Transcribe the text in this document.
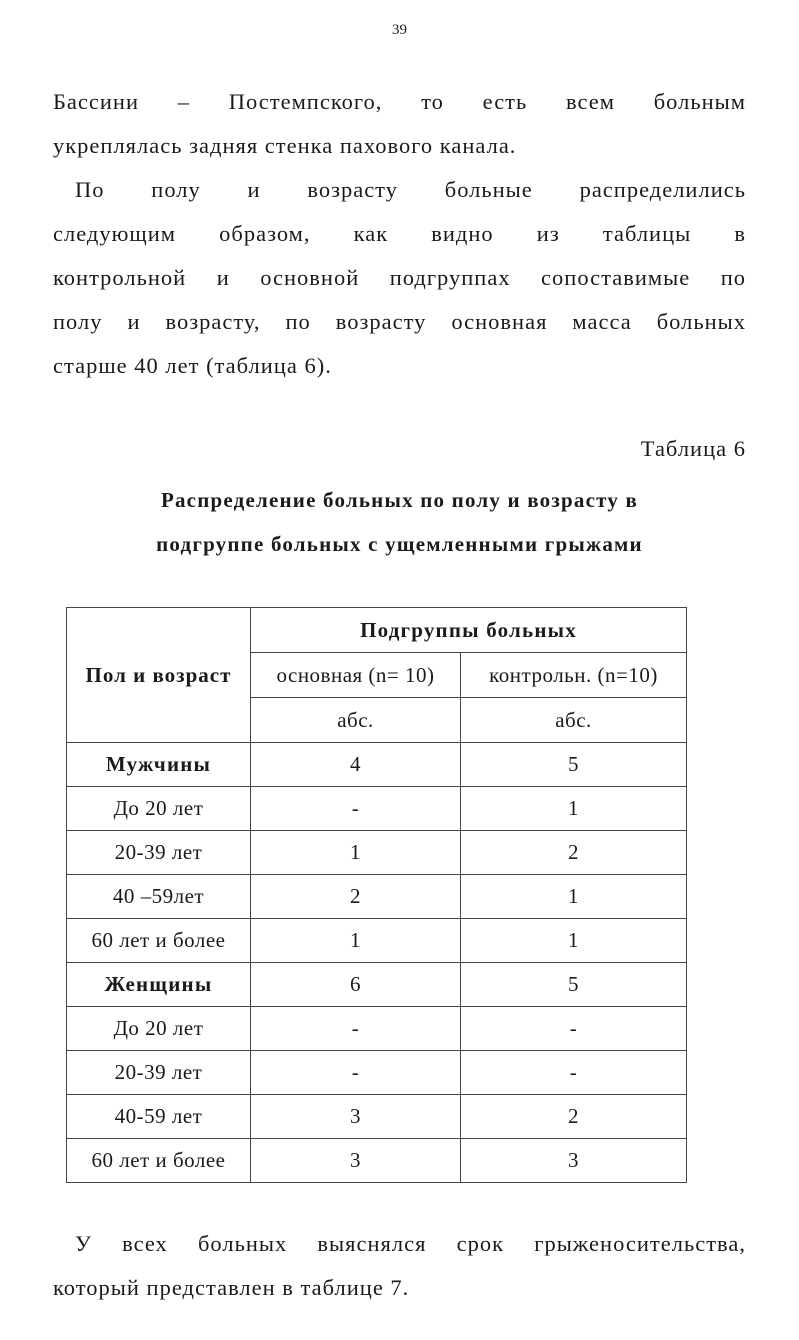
39
Бассини – Постемпского, то есть всем больным
укреплялась задняя стенка пахового канала.
По полу и возрасту больные распределились
следующим образом, как видно из таблицы в
контрольной и основной подгруппах сопоставимые по
полу и возрасту, по возрасту основная масса больных
старше 40 лет (таблица 6).
Таблица 6
Распределение больных по полу и возрасту в
подгруппе больных с ущемленными грыжами
Пол и возраст	Подгруппы больных	
	основная (n= 10)	контрольн. (n=10)
	абс.	абс.
Мужчины	4	5
До 20 лет	-	1
20-39 лет	1	2
40 –59лет	2	1
60 лет и более	1	1
Женщины	6	5
До 20 лет	-	-
20-39 лет	-	-
40-59 лет	3	2
60 лет и более	3	3
У всех больных выяснялся срок грыженосительства,
который представлен в таблице 7.
